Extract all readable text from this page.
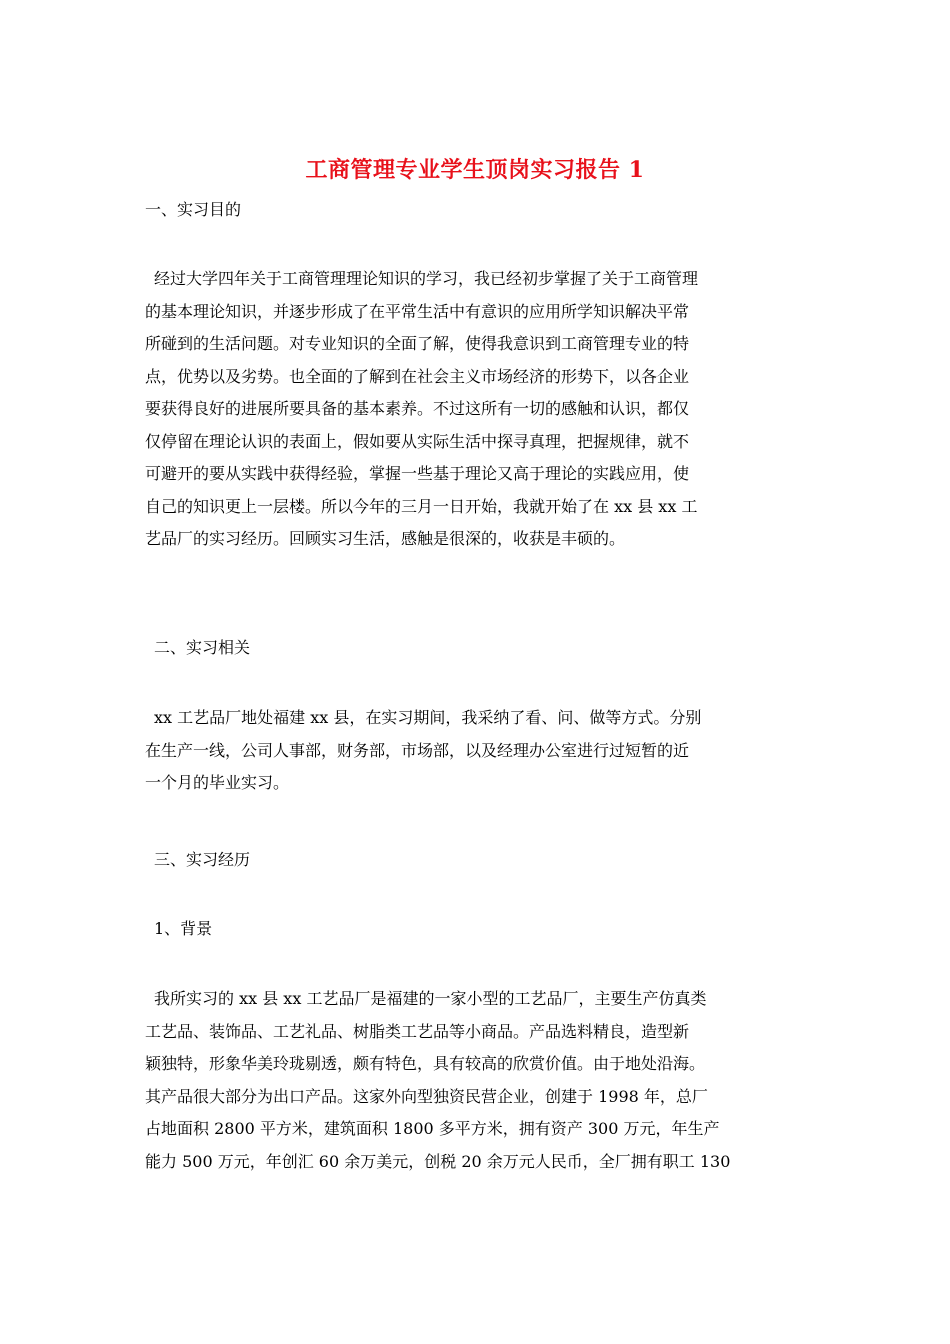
工商管理专业学生顶岗实习报告 1
一、实习目的

经过大学四年关于工商管理理论知识的学习，我已经初步掌握了关于工商管理
的基本理论知识，并逐步形成了在平常生活中有意识的应用所学知识解决平常
所碰到的生活问题。对专业知识的全面了解，使得我意识到工商管理专业的特
点，优势以及劣势。也全面的了解到在社会主义市场经济的形势下，以各企业
要获得良好的进展所要具备的基本素养。不过这所有一切的感触和认识，都仅
仅停留在理论认识的表面上，假如要从实际生活中探寻真理，把握规律，就不
可避开的要从实践中获得经验，掌握一些基于理论又高于理论的实践应用，使
自己的知识更上一层楼。所以今年的三月一日开始，我就开始了在 xx 县 xx 工
艺品厂的实习经历。回顾实习生活，感触是很深的，收获是丰硕的。

二、实习相关

xx 工艺品厂地处福建 xx 县，在实习期间，我采纳了看、问、做等方式。分别
在生产一线，公司人事部，财务部，市场部，以及经理办公室进行过短暂的近
一个月的毕业实习。

三、实习经历
1、背景

我所实习的 xx 县 xx 工艺品厂是福建的一家小型的工艺品厂，主要生产仿真类
工艺品、装饰品、工艺礼品、树脂类工艺品等小商品。产品选料精良，造型新
颖独特，形象华美玲珑剔透，颇有特色，具有较高的欣赏价值。由于地处沿海。
其产品很大部分为出口产品。这家外向型独资民营企业，创建于 1998 年，总厂
占地面积 2800 平方米，建筑面积 1800 多平方米，拥有资产 300 万元，年生产
能力 500 万元，年创汇 60 余万美元，创税 20 余万元人民币，全厂拥有职工 130
